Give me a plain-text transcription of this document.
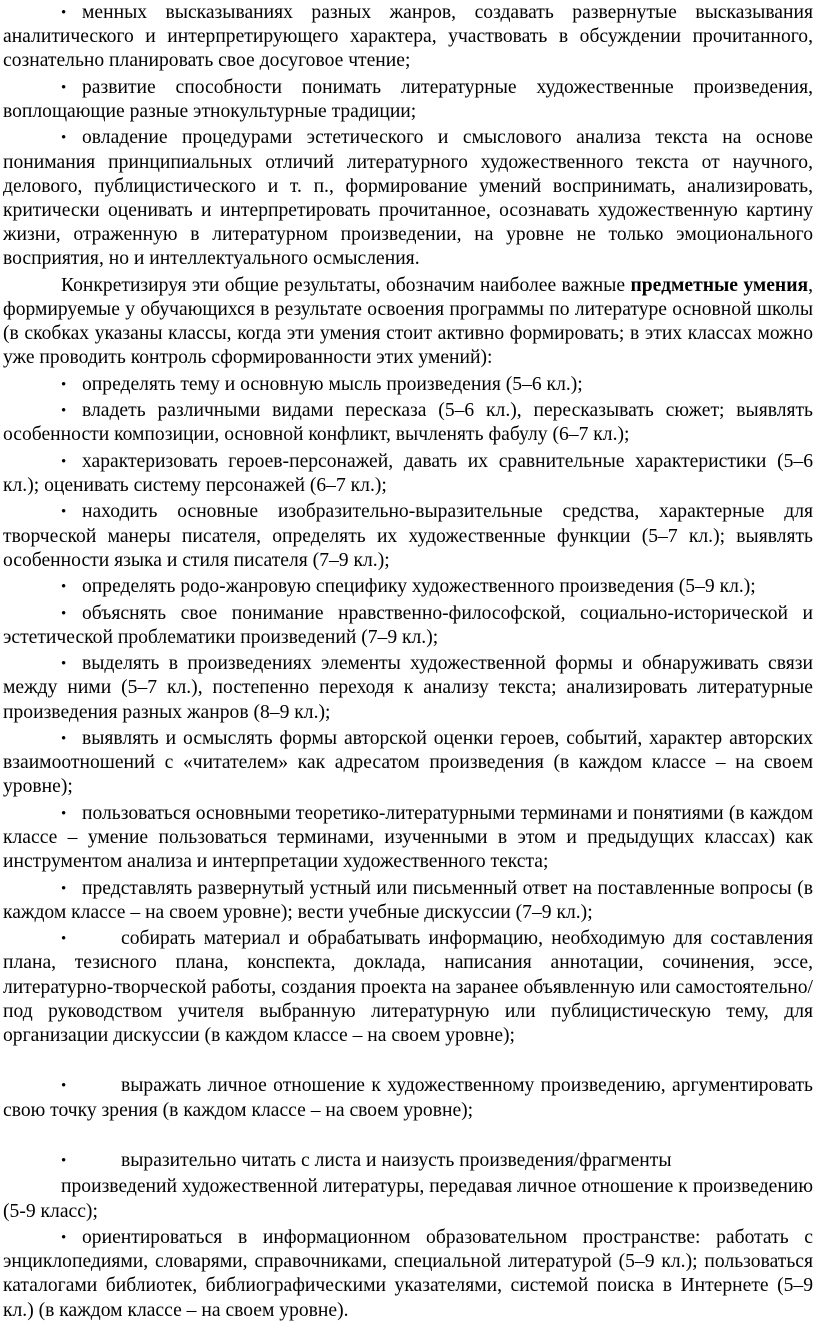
• менных высказываниях разных жанров, создавать развернутые высказывания аналитического и интерпретирующего характера, участвовать в обсуждении прочитанного, сознательно планировать свое досуговое чтение;

• развитие способности понимать литературные художественные произведения, воплощающие разные этнокультурные традиции;

• овладение процедурами эстетического и смыслового анализа текста на основе понимания принципиальных отличий литературного художественного текста от научного, делового, публицистического и т. п., формирование умений воспринимать, анализировать, критически оценивать и интерпретировать прочитанное, осознавать художественную картину жизни, отраженную в литературном произведении, на уровне не только эмоционального восприятия, но и интеллектуального осмысления.

Конкретизируя эти общие результаты, обозначим наиболее важные предметные умения, формируемые у обучающихся в результате освоения программы по литературе основной школы (в скобках указаны классы, когда эти умения стоит активно формировать; в этих классах можно уже проводить контроль сформированности этих умений):

• определять тему и основную мысль произведения (5–6 кл.);

• владеть различными видами пересказа (5–6 кл.), пересказывать сюжет; выявлять особенности композиции, основной конфликт, вычленять фабулу (6–7 кл.);

• характеризовать героев-персонажей, давать их сравнительные характеристики (5–6 кл.); оценивать систему персонажей (6–7 кл.);

• находить основные изобразительно-выразительные средства, характерные для творческой манеры писателя, определять их художественные функции (5–7 кл.); выявлять особенности языка и стиля писателя (7–9 кл.);

• определять родо-жанровую специфику художественного произведения (5–9 кл.);

• объяснять свое понимание нравственно-философской, социально-исторической и эстетической проблематики произведений (7–9 кл.);

• выделять в произведениях элементы художественной формы и обнаруживать связи между ними (5–7 кл.), постепенно переходя к анализу текста; анализировать литературные произведения разных жанров (8–9 кл.);

• выявлять и осмыслять формы авторской оценки героев, событий, характер авторских взаимоотношений с «читателем» как адресатом произведения (в каждом классе – на своем уровне);

• пользоваться основными теоретико-литературными терминами и понятиями (в каждом классе – умение пользоваться терминами, изученными в этом и предыдущих классах) как инструментом анализа и интерпретации художественного текста;

• представлять развернутый устный или письменный ответ на поставленные вопросы (в каждом классе – на своем уровне); вести учебные дискуссии (7–9 кл.);

•	собирать материал и обрабатывать информацию, необходимую для составления плана, тезисного плана, конспекта, доклада, написания аннотации, сочинения, эссе, литературно-творческой работы, создания проекта на заранее объявленную или самостоятельно/под руководством учителя выбранную литературную или публицистическую тему, для организации дискуссии (в каждом классе – на своем уровне);

•	выражать личное отношение к художественному произведению, аргументировать свою точку зрения (в каждом классе – на своем уровне);

•	выразительно читать с листа и наизусть произведения/фрагменты

произведений художественной литературы, передавая личное отношение к произведению (5-9 класс);

• ориентироваться в информационном образовательном пространстве: работать с энциклопедиями, словарями, справочниками, специальной литературой (5–9 кл.); пользоваться каталогами библиотек, библиографическими указателями, системой поиска в Интернете (5–9 кл.) (в каждом классе – на своем уровне).
